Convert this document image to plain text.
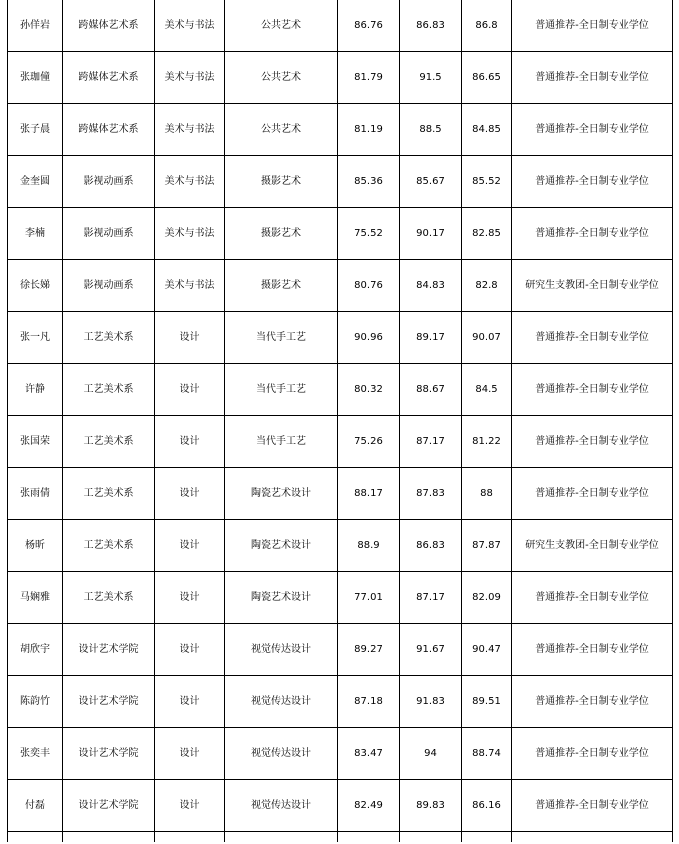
孙佯岩	跨媒体艺术系	美术与书法	公共艺术	86.76	86.83	86.8	普通推荐-全日制专业学位
张珈僮	跨媒体艺术系	美术与书法	公共艺术	81.79	91.5	86.65	普通推荐-全日制专业学位
张子晨	跨媒体艺术系	美术与书法	公共艺术	81.19	88.5	84.85	普通推荐-全日制专业学位
金奎圆	影视动画系	美术与书法	摄影艺术	85.36	85.67	85.52	普通推荐-全日制专业学位
李楠	影视动画系	美术与书法	摄影艺术	75.52	90.17	82.85	普通推荐-全日制专业学位
徐长娣	影视动画系	美术与书法	摄影艺术	80.76	84.83	82.8	研究生支教团-全日制专业学位
张一凡	工艺美术系	设计	当代手工艺	90.96	89.17	90.07	普通推荐-全日制专业学位
许静	工艺美术系	设计	当代手工艺	80.32	88.67	84.5	普通推荐-全日制专业学位
张国荣	工艺美术系	设计	当代手工艺	75.26	87.17	81.22	普通推荐-全日制专业学位
张雨倩	工艺美术系	设计	陶瓷艺术设计	88.17	87.83	88	普通推荐-全日制专业学位
杨昕	工艺美术系	设计	陶瓷艺术设计	88.9	86.83	87.87	研究生支教团-全日制专业学位
马娴雅	工艺美术系	设计	陶瓷艺术设计	77.01	87.17	82.09	普通推荐-全日制专业学位
胡欣宇	设计艺术学院	设计	视觉传达设计	89.27	91.67	90.47	普通推荐-全日制专业学位
陈韵竹	设计艺术学院	设计	视觉传达设计	87.18	91.83	89.51	普通推荐-全日制专业学位
张奕丰	设计艺术学院	设计	视觉传达设计	83.47	94	88.74	普通推荐-全日制专业学位
付磊	设计艺术学院	设计	视觉传达设计	82.49	89.83	86.16	普通推荐-全日制专业学位
